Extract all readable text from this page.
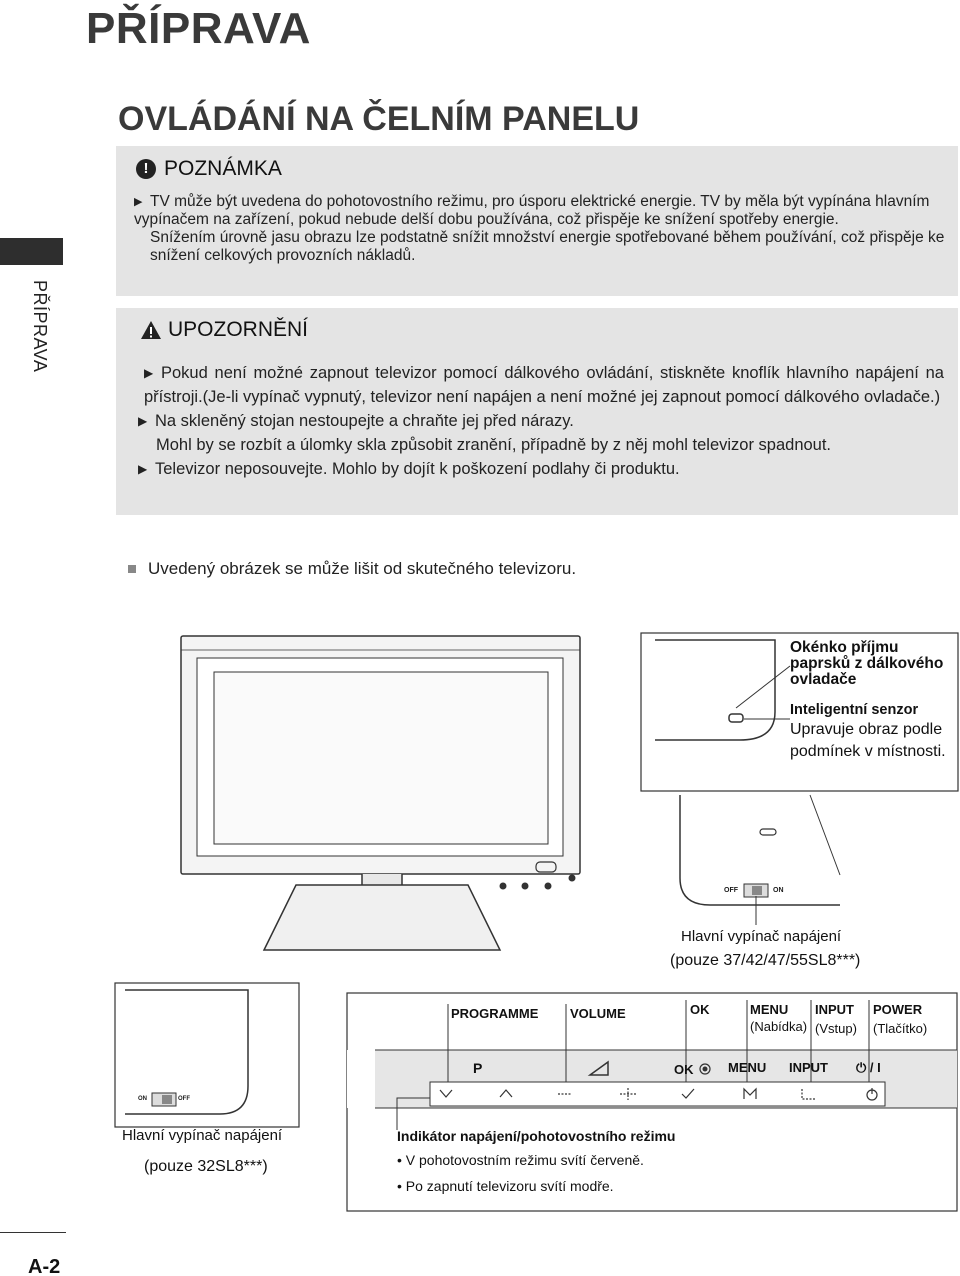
PŘÍPRAVA
OVLÁDÁNÍ NA ČELNÍM PANELU
PŘÍPRAVA
! POZNÁMKA
▶ TV může být uvedena do pohotovostního režimu, pro úsporu elektrické energie. TV by měla být vypínána hlavním vypínačem na zařízení, pokud nebude delší dobu používána, což přispěje ke snížení spotřeby energie.
Snížením úrovně jasu obrazu lze podstatně snížit množství energie spotřebované během používání, což přispěje ke snížení celkových provozních nákladů.
UPOZORNĚNÍ
▶ Pokud není možné zapnout televizor pomocí dálkového ovládání, stiskněte knoflík hlavního napájení na přístroji.(Je-li vypínač vypnutý, televizor není napájen a není možné jej zapnout pomocí dálkového ovladače.)
▶ Na skleněný stojan nestoupejte a chraňte jej před nárazy.
Mohl by se rozbít a úlomky skla způsobit zranění, případně by z něj mohl televizor spadnout.
▶ Televizor neposouvejte. Mohlo by dojít k poškození podlahy či produktu.
Uvedený obrázek se může lišit od skutečného televizoru.
Okénko příjmu paprsků z dálkového ovladače
Inteligentní senzor
Upravuje obraz podle podmínek v místnosti.
OFF	ON
Hlavní vypínač napájení
(pouze 37/42/47/55SL8***)
ON	OFF
Hlavní vypínač napájení
(pouze 32SL8***)
PROGRAMME VOLUME	OK	MENU
(Nabídka)
INPUT
(Vstup)
POWER
(Tlačítko)
P	OK	MENU INPUT ⏻ / I
Indikátor napájení/pohotovostního režimu
• V pohotovostním režimu svítí červeně.
• Po zapnutí televizoru svítí modře.
A-2
